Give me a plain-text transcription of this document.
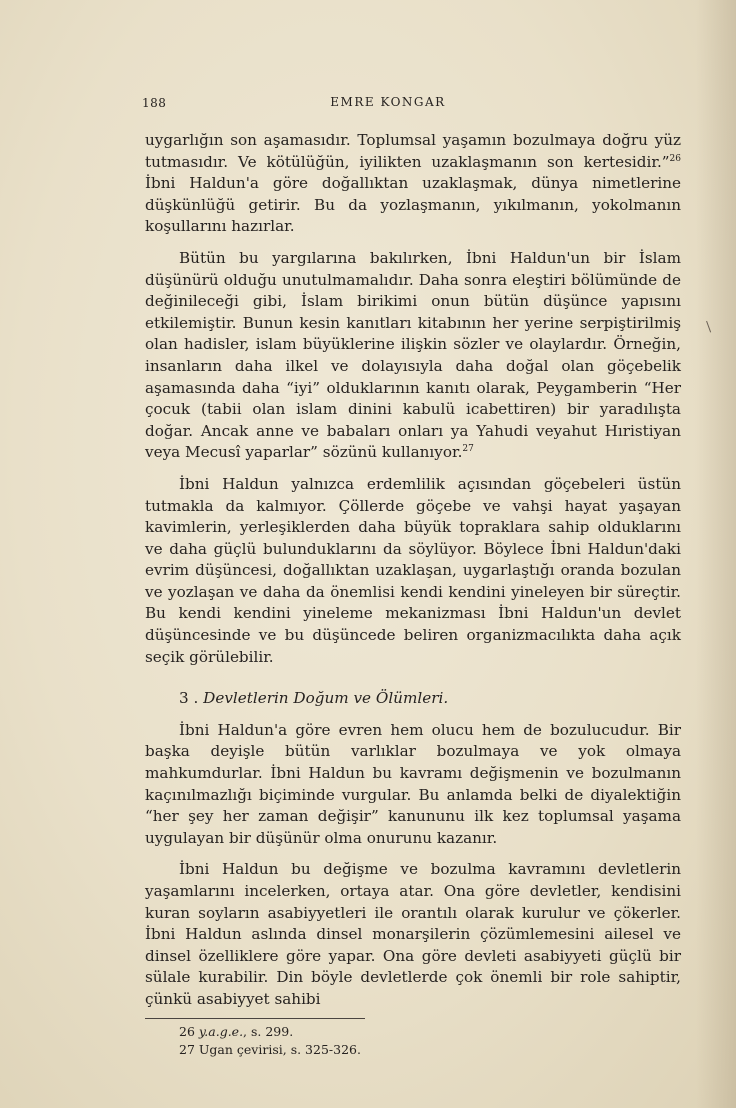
188	EMRE KONGAR

uygarlığın son aşamasıdır. Toplumsal yaşamın bozulmaya doğru yüz tutmasıdır. Ve kötülüğün, iyilikten uzaklaşmanın son kertesidir.”$^{26}$ İbni Haldun'a göre doğallıktan uzaklaşmak, dünya nimetlerine düşkünlüğü getirir. Bu da yozlaşmanın, yıkılmanın, yokolmanın koşullarını hazırlar.

Bütün bu yargılarına bakılırken, İbni Haldun'un bir İslam düşünürü olduğu unutulmamalıdır. Daha sonra eleştiri bölümünde de değinileceği gibi, İslam birikimi onun bütün düşünce yapısını etkilemiştir. Bunun kesin kanıtları kitabının her yerine serpiştirilmiş olan hadisler, islam büyüklerine ilişkin sözler ve olaylardır. Örneğin, insanların daha ilkel ve dolayısıyla daha doğal olan göçebelik aşamasında daha “iyi” olduklarının kanıtı olarak, Peygamberin “Her çocuk (tabii olan islam dinini kabulü icabettiren) bir yaradılışta doğar. Ancak anne ve babaları onları ya Yahudi veyahut Hıristiyan veya Mecusî yaparlar” sözünü kullanıyor.$^{27}$

İbni Haldun yalnızca erdemlilik açısından göçebeleri üstün tutmakla da kalmıyor. Çöllerde göçebe ve vahşi hayat yaşayan kavimlerin, yerleşiklerden daha büyük topraklara sahip olduklarını ve daha güçlü bulunduklarını da söylüyor. Böylece İbni Haldun'daki evrim düşüncesi, doğallıktan uzaklaşan, uygarlaştığı oranda bozulan ve yozlaşan ve daha da önemlisi kendi kendini yineleyen bir süreçtir. Bu kendi kendini yineleme mekanizması İbni Haldun'un devlet düşüncesinde ve bu düşüncede beliren organizmacılıkta daha açık seçik görülebilir.

3 . Devletlerin Doğum ve Ölümleri.

İbni Haldun'a göre evren hem olucu hem de bozulucudur. Bir başka deyişle bütün varlıklar bozulmaya ve yok olmaya mahkumdurlar. İbni Haldun bu kavramı değişmenin ve bozulmanın kaçınılmazlığı biçiminde vurgular. Bu anlamda belki de diyalektiğin “her şey her zaman değişir” kanununu ilk kez toplumsal yaşama uygulayan bir düşünür olma onurunu kazanır.

İbni Haldun bu değişme ve bozulma kavramını devletlerin yaşamlarını incelerken, ortaya atar. Ona göre devletler, kendisini kuran soyların asabiyyetleri ile orantılı olarak kurulur ve çökerler. İbni Haldun aslında dinsel monarşilerin çözümlemesini ailesel ve dinsel özelliklere göre yapar. Ona göre devleti asabiyyeti güçlü bir sülale kurabilir. Din böyle devletlerde çok önemli bir role sahiptir, çünkü asabiyyet sahibi

26 y.a.g.e., s. 299.
27 Ugan çevirisi, s. 325-326.
